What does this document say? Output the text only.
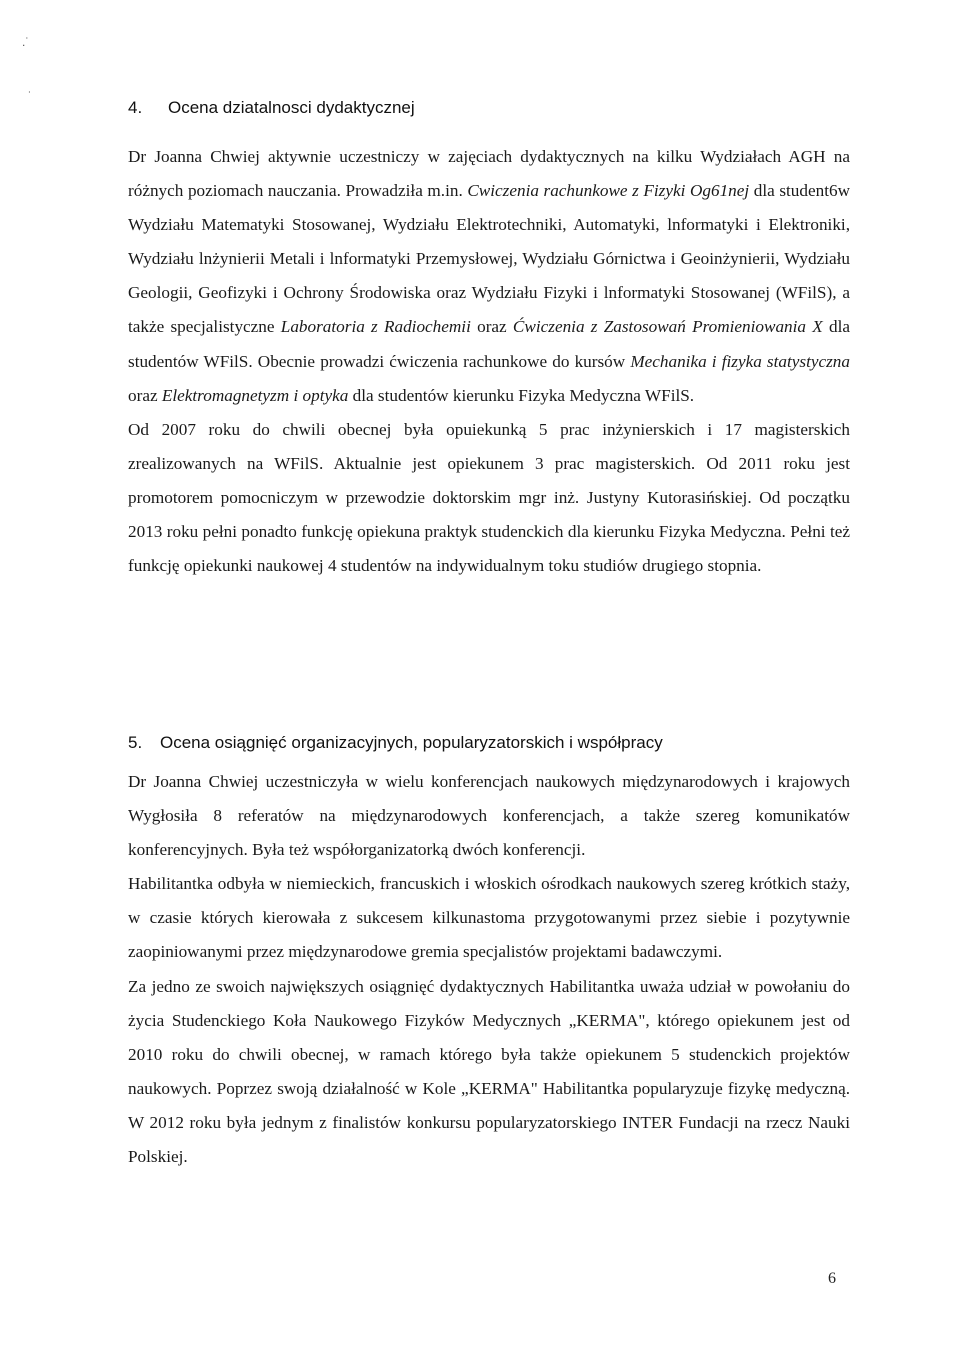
.˙
˙
4. Ocena dziatalnosci dydaktycznej

Dr Joanna Chwiej aktywnie uczestniczy w zajęciach dydaktycznych na kilku Wydziałach AGH na różnych poziomach nauczania. Prowadziła m.in. Cwiczenia rachunkowe z Fizyki Og61nej dla student6w Wydziału Matematyki Stosowanej, Wydziału Elektrotechniki, Automatyki, lnformatyki i Elektroniki, Wydziału lnżynierii Metali i lnformatyki Przemysłowej, Wydziału Górnictwa i Geoinżynierii, Wydziału Geologii, Geofizyki i Ochrony Środowiska oraz Wydziału Fizyki i lnformatyki Stosowanej (WFilS), a także specjalistyczne Laboratoria z Radiochemii oraz Ćwiczenia z Zastosowań Promieniowania X dla studentów WFilS. Obecnie prowadzi ćwiczenia rachunkowe do kursów Mechanika i fizyka statystyczna oraz Elektromagnetyzm i optyka dla studentów kierunku Fizyka Medyczna WFilS.

Od 2007 roku do chwili obecnej była opuiekunką 5 prac inżynierskich i 17 magisterskich zrealizowanych na WFilS. Aktualnie jest opiekunem 3 prac magisterskich. Od 2011 roku jest promotorem pomocniczym w przewodzie doktorskim mgr inż. Justyny Kutorasińskiej. Od początku 2013 roku pełni ponadto funkcję opiekuna praktyk studenckich dla kierunku Fizyka Medyczna. Pełni też funkcję opiekunki naukowej 4 studentów na indywidualnym toku studiów drugiego stopnia.

5. Ocena osiągnięć organizacyjnych, popularyzatorskich i współpracy

Dr Joanna Chwiej uczestniczyła w wielu konferencjach naukowych międzynarodowych i krajowych Wygłosiła 8 referatów na międzynarodowych konferencjach, a także szereg komunikatów konferencyjnych. Była też współorganizatorką dwóch konferencji.

Habilitantka odbyła w niemieckich, francuskich i włoskich ośrodkach naukowych szereg krótkich staży, w czasie których kierowała z sukcesem kilkunastoma przygotowanymi przez siebie i pozytywnie zaopiniowanymi przez międzynarodowe gremia specjalistów projektami badawczymi.

Za jedno ze swoich największych osiągnięć dydaktycznych Habilitantka uważa udział w powołaniu do życia Studenckiego Koła Naukowego Fizyków Medycznych „KERMA", którego opiekunem jest od 2010 roku do chwili obecnej, w ramach którego była także opiekunem 5 studenckich projektów naukowych. Poprzez swoją działalność w Kole „KERMA" Habilitantka popularyzuje fizykę medyczną. W 2012 roku była jednym z finalistów konkursu popularyzatorskiego INTER Fundacji na rzecz Nauki Polskiej.

6
